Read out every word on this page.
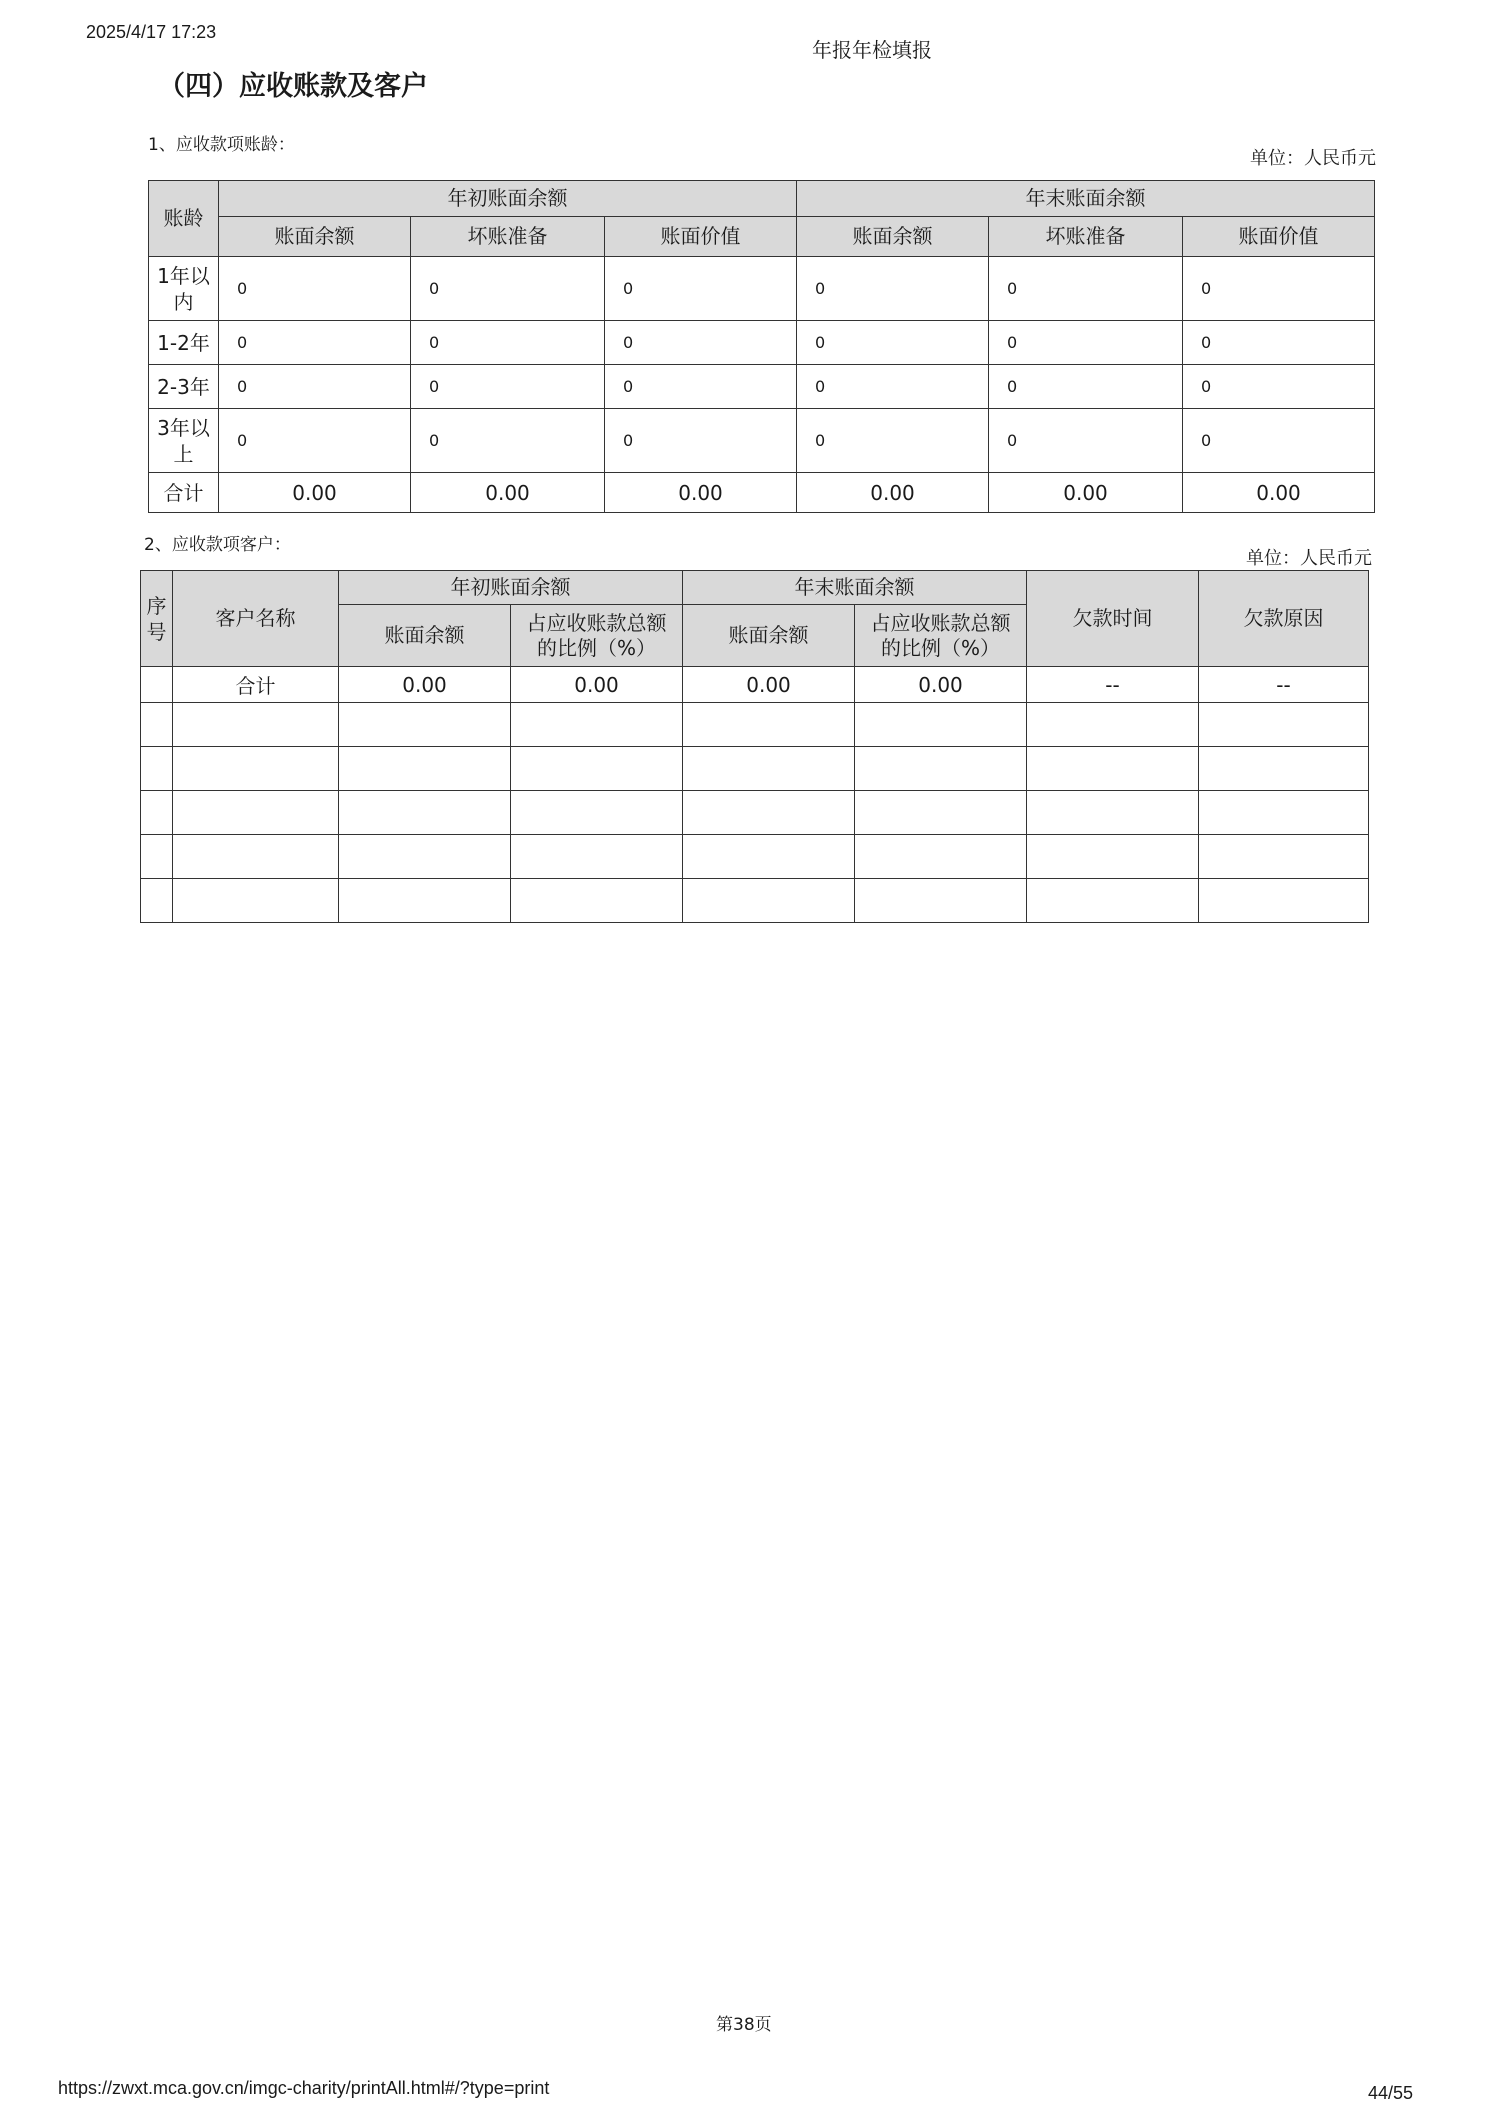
2025/4/17 17:23
年报年检填报
（四）应收账款及客户
1、应收款项账龄：
单位：人民币元
账龄	年初账面余额			年末账面余额		
	账面余额	坏账准备	账面价值	账面余额	坏账准备	账面价值
1年以内	0	0	0	0	0	0
1-2年	0	0	0	0	0	0
2-3年	0	0	0	0	0	0
3年以上	0	0	0	0	0	0
合计	0.00	0.00	0.00	0.00	0.00	0.00
2、应收款项客户：
单位：人民币元
序号	客户名称	年初账面余额		年末账面余额		欠款时间	欠款原因
		账面余额	占应收账款总额的比例（%）	账面余额	占应收账款总额的比例（%）		
	合计	0.00	0.00	0.00	0.00	--	--

第38页
https://zwxt.mca.gov.cn/imgc-charity/printAll.html#/?type=print	44/55
